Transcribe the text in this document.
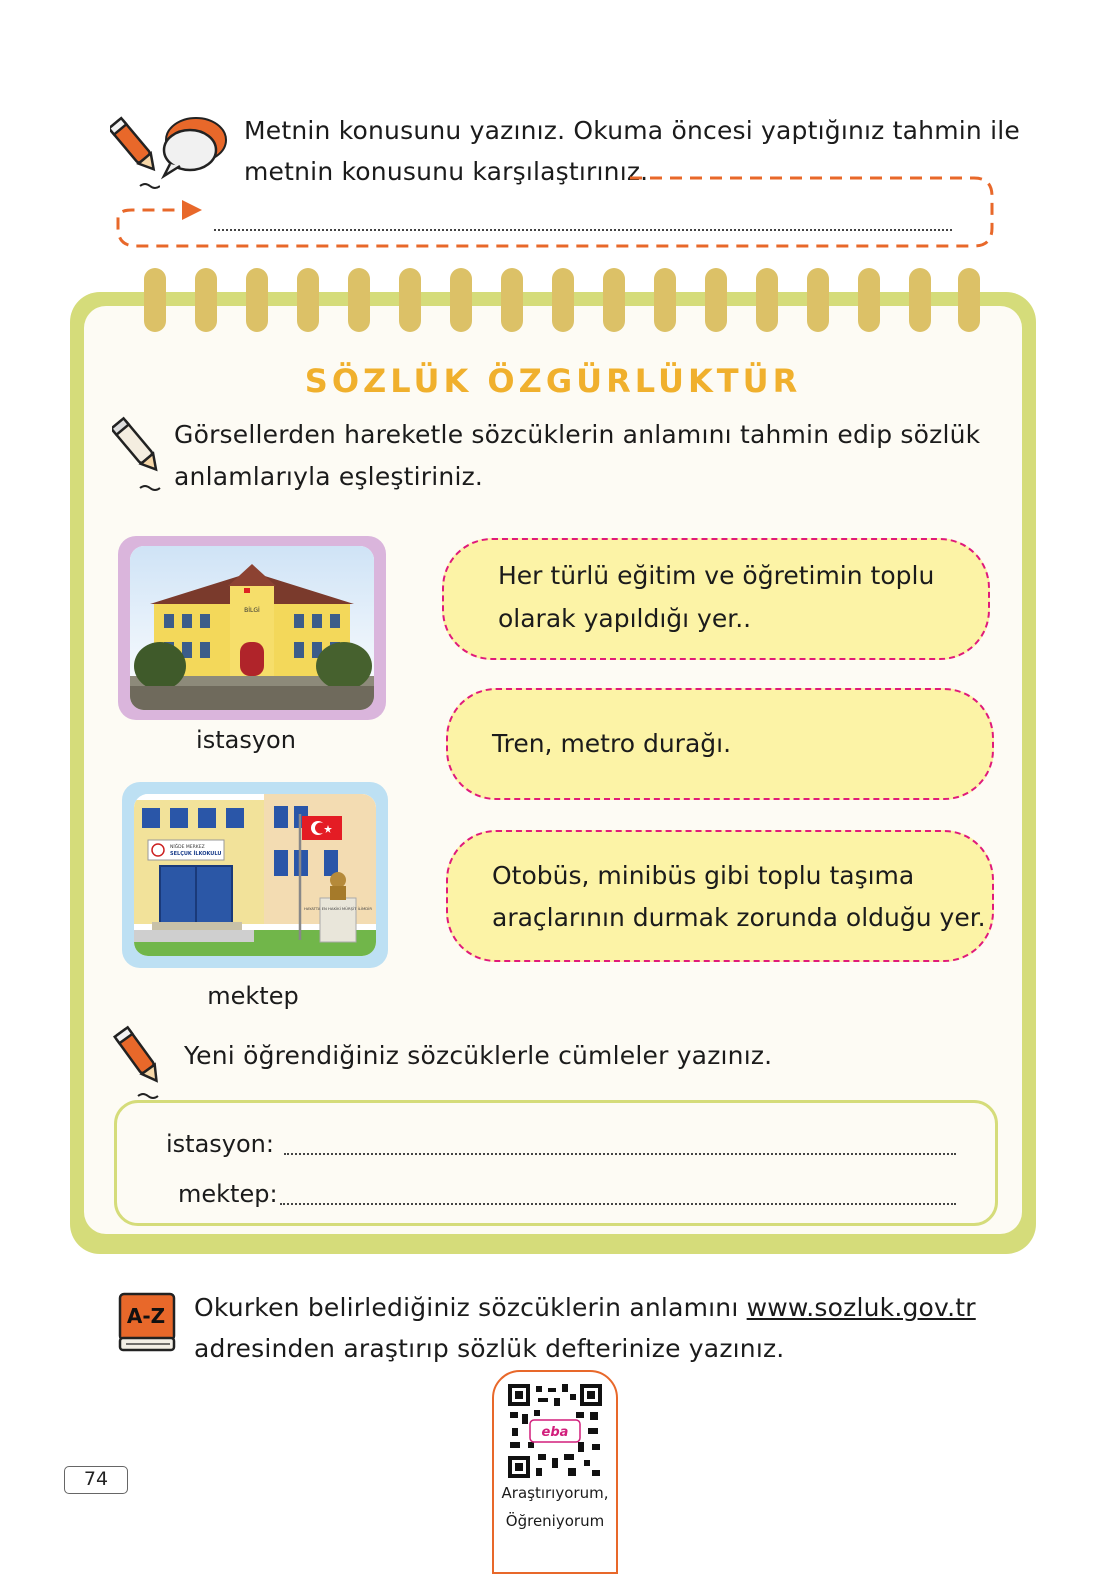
Metnin konusunu yazınız. Okuma öncesi yaptığınız tahmin ile
metnin konusunu karşılaştırınız.
SÖZLÜK ÖZGÜRLÜKTÜR
Görsellerden hareketle sözcüklerin anlamını tahmin edip sözlük
anlamlarıyla eşleştiriniz.
BİLGİ
istasyon
NİĞDE MERKEZ
SELÇUK İLKOKULU
HAYATTA EN HAKİKİ MÜRŞİT İLİMDİR
mektep
Her türlü eğitim ve öğretimin toplu
olarak yapıldığı yer..
Tren, metro durağı.
Otobüs, minibüs gibi toplu taşıma
araçlarının durmak zorunda olduğu yer.
Yeni öğrendiğiniz sözcüklerle cümleler yazınız.
istasyon:
mektep:
A-Z	Okurken belirlediğiniz sözcüklerin anlamını www.sozluk.gov.tr
adresinden araştırıp sözlük defterinize yazınız.
eba
Araştırıyorum,
Öğreniyorum
74
